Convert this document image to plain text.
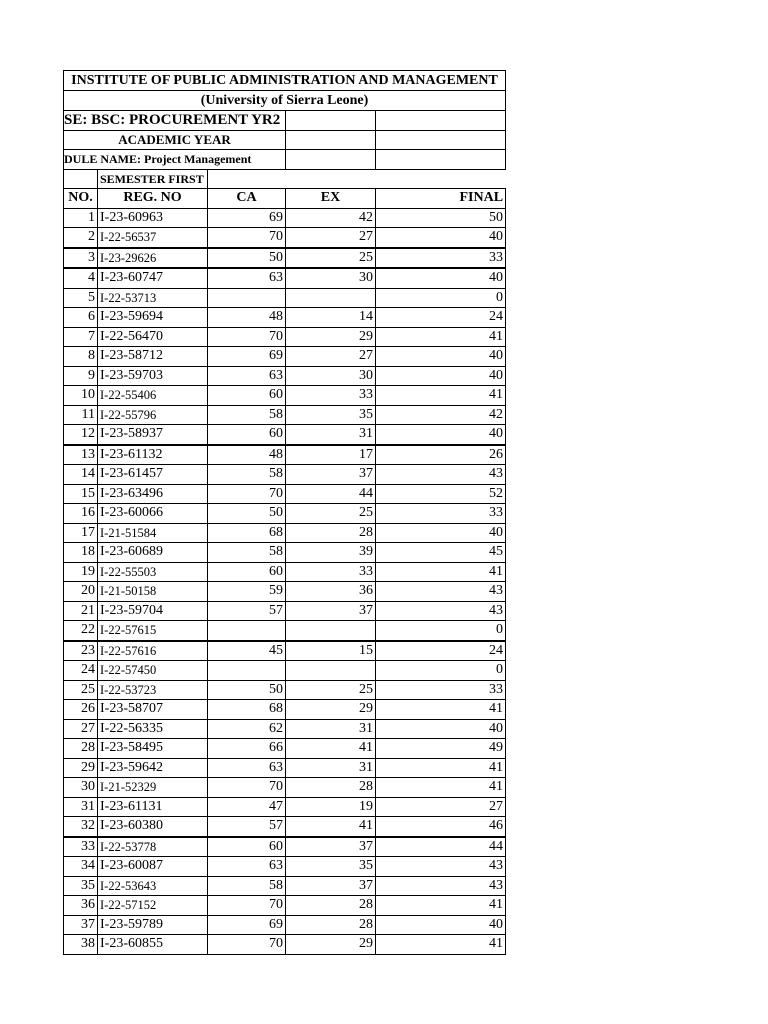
INSTITUTE OF PUBLIC ADMINISTRATION AND MANAGEMENT				
(University of Sierra Leone)				
SE: BSC: PROCUREMENT YR2				
ACADEMIC YEAR				
DULE NAME: Project Management				
	SEMESTER FIRST			
NO.	REG. NO	CA	EX	FINAL
1	I-23-60963	69	42	50
2	I-22-56537	70	27	40
3	I-23-29626	50	25	33
4	I-23-60747	63	30	40
5	I-22-53713			0
6	I-23-59694	48	14	24
7	I-22-56470	70	29	41
8	I-23-58712	69	27	40
9	I-23-59703	63	30	40
10	I-22-55406	60	33	41
11	I-22-55796	58	35	42
12	I-23-58937	60	31	40
13	I-23-61132	48	17	26
14	I-23-61457	58	37	43
15	I-23-63496	70	44	52
16	I-23-60066	50	25	33
17	I-21-51584	68	28	40
18	I-23-60689	58	39	45
19	I-22-55503	60	33	41
20	I-21-50158	59	36	43
21	I-23-59704	57	37	43
22	I-22-57615			0
23	I-22-57616	45	15	24
24	I-22-57450			0
25	I-22-53723	50	25	33
26	I-23-58707	68	29	41
27	I-22-56335	62	31	40
28	I-23-58495	66	41	49
29	I-23-59642	63	31	41
30	I-21-52329	70	28	41
31	I-23-61131	47	19	27
32	I-23-60380	57	41	46
33	I-22-53778	60	37	44
34	I-23-60087	63	35	43
35	I-22-53643	58	37	43
36	I-22-57152	70	28	41
37	I-23-59789	69	28	40
38	I-23-60855	70	29	41
